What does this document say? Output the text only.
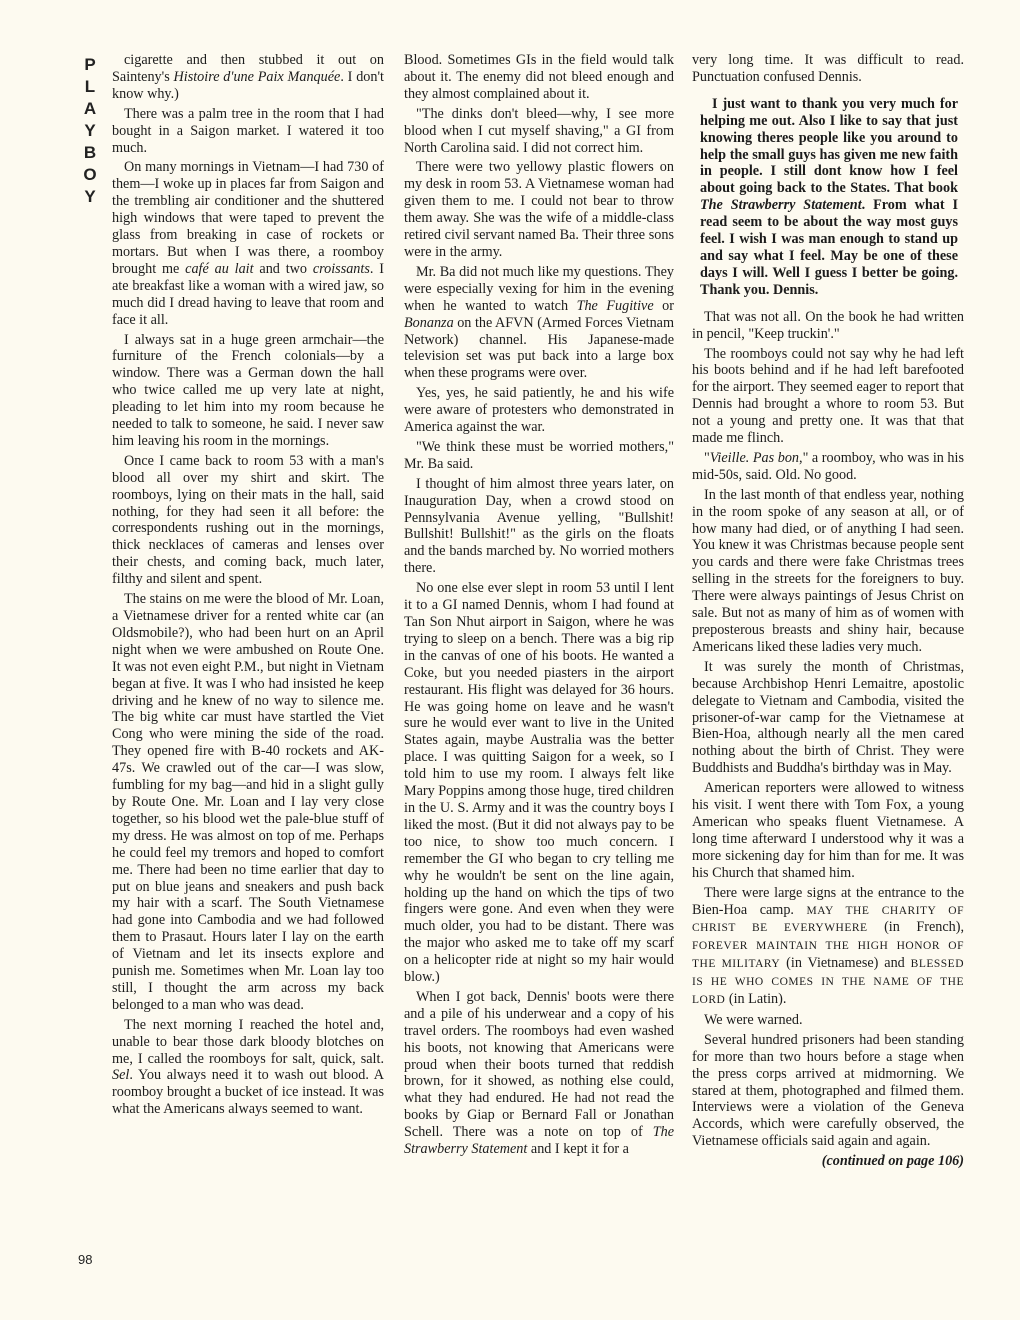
P
L
A
Y
B
O
Y
98

cigarette and then stubbed it out on Sainteny's Histoire d'une Paix Manquée. I don't know why.)

There was a palm tree in the room that I had bought in a Saigon market. I watered it too much.

On many mornings in Vietnam—I had 730 of them—I woke up in places far from Saigon and the trembling air conditioner and the shuttered high windows that were taped to prevent the glass from breaking in case of rockets or mortars. But when I was there, a roomboy brought me café au lait and two croissants. I ate breakfast like a woman with a wired jaw, so much did I dread having to leave that room and face it all.

I always sat in a huge green armchair—the furniture of the French colonials—by a window. There was a German down the hall who twice called me up very late at night, pleading to let him into my room because he needed to talk to someone, he said. I never saw him leaving his room in the mornings.

Once I came back to room 53 with a man's blood all over my shirt and skirt. The roomboys, lying on their mats in the hall, said nothing, for they had seen it all before: the correspondents rushing out in the mornings, thick necklaces of cameras and lenses over their chests, and coming back, much later, filthy and silent and spent.

The stains on me were the blood of Mr. Loan, a Vietnamese driver for a rented white car (an Oldsmobile?), who had been hurt on an April night when we were ambushed on Route One. It was not even eight P.M., but night in Vietnam began at five. It was I who had insisted he keep driving and he knew of no way to silence me. The big white car must have startled the Viet Cong who were mining the side of the road. They opened fire with B-40 rockets and AK-47s. We crawled out of the car—I was slow, fumbling for my bag—and hid in a slight gully by Route One. Mr. Loan and I lay very close together, so his blood wet the pale-blue stuff of my dress. He was almost on top of me. Perhaps he could feel my tremors and hoped to comfort me. There had been no time earlier that day to put on blue jeans and sneakers and push back my hair with a scarf. The South Vietnamese had gone into Cambodia and we had followed them to Prasaut. Hours later I lay on the earth of Vietnam and let its insects explore and punish me. Sometimes when Mr. Loan lay too still, I thought the arm across my back belonged to a man who was dead.

The next morning I reached the hotel and, unable to bear those dark bloody blotches on me, I called the roomboys for salt, quick, salt. Sel. You always need it to wash out blood. A roomboy brought a bucket of ice instead. It was what the Americans always seemed to want.

Blood. Sometimes GIs in the field would talk about it. The enemy did not bleed enough and they almost complained about it.

"The dinks don't bleed—why, I see more blood when I cut myself shaving," a GI from North Carolina said. I did not correct him.

There were two yellowy plastic flowers on my desk in room 53. A Vietnamese woman had given them to me. I could not bear to throw them away. She was the wife of a middle-class retired civil servant named Ba. Their three sons were in the army.

Mr. Ba did not much like my questions. They were especially vexing for him in the evening when he wanted to watch The Fugitive or Bonanza on the AFVN (Armed Forces Vietnam Network) channel. His Japanese-made television set was put back into a large box when these programs were over.

Yes, yes, he said patiently, he and his wife were aware of protesters who demonstrated in America against the war.

"We think these must be worried mothers," Mr. Ba said.

I thought of him almost three years later, on Inauguration Day, when a crowd stood on Pennsylvania Avenue yelling, "Bullshit! Bullshit! Bullshit!" as the girls on the floats and the bands marched by. No worried mothers there.

No one else ever slept in room 53 until I lent it to a GI named Dennis, whom I had found at Tan Son Nhut airport in Saigon, where he was trying to sleep on a bench. There was a big rip in the canvas of one of his boots. He wanted a Coke, but you needed piasters in the airport restaurant. His flight was delayed for 36 hours. He was going home on leave and he wasn't sure he would ever want to live in the United States again, maybe Australia was the better place. I was quitting Saigon for a week, so I told him to use my room. I always felt like Mary Poppins among those huge, tired children in the U. S. Army and it was the country boys I liked the most. (But it did not always pay to be too nice, to show too much concern. I remember the GI who began to cry telling me why he wouldn't be sent on the line again, holding up the hand on which the tips of two fingers were gone. And even when they were much older, you had to be distant. There was the major who asked me to take off my scarf on a helicopter ride at night so my hair would blow.)

When I got back, Dennis' boots were there and a pile of his underwear and a copy of his travel orders. The roomboys had even washed his boots, not knowing that Americans were proud when their boots turned that reddish brown, for it showed, as nothing else could, what they had endured. He had not read the books by Giap or Bernard Fall or Jonathan Schell. There was a note on top of The Strawberry Statement and I kept it for a

very long time. It was difficult to read. Punctuation confused Dennis.

I just want to thank you very much for helping me out. Also I like to say that just knowing theres people like you around to help the small guys has given me new faith in people. I still dont know how I feel about going back to the States. That book The Strawberry Statement. From what I read seem to be about the way most guys feel. I wish I was man enough to stand up and say what I feel. May be one of these days I will. Well I guess I better be going. Thank you. Dennis.

That was not all. On the book he had written in pencil, "Keep truckin'."

The roomboys could not say why he had left his boots behind and if he had left barefooted for the airport. They seemed eager to report that Dennis had brought a whore to room 53. But not a young and pretty one. It was that that made me flinch.

"Vieille. Pas bon," a roomboy, who was in his mid-50s, said. Old. No good.

In the last month of that endless year, nothing in the room spoke of any season at all, or of how many had died, or of anything I had seen. You knew it was Christmas because people sent you cards and there were fake Christmas trees selling in the streets for the foreigners to buy. There were always paintings of Jesus Christ on sale. But not as many of him as of women with preposterous breasts and shiny hair, because Americans liked these ladies very much.

It was surely the month of Christmas, because Archbishop Henri Lemaitre, apostolic delegate to Vietnam and Cambodia, visited the prisoner-of-war camp for the Vietnamese at Bien-Hoa, although nearly all the men cared nothing about the birth of Christ. They were Buddhists and Buddha's birthday was in May.

American reporters were allowed to witness his visit. I went there with Tom Fox, a young American who speaks fluent Vietnamese. A long time afterward I understood why it was a more sickening day for him than for me. It was his Church that shamed him.

There were large signs at the entrance to the Bien-Hoa camp. MAY THE CHARITY OF CHRIST BE EVERYWHERE (in French), FOREVER MAINTAIN THE HIGH HONOR OF THE MILITARY (in Vietnamese) and BLESSED IS HE WHO COMES IN THE NAME OF THE LORD (in Latin).

We were warned.

Several hundred prisoners had been standing for more than two hours before a stage when the press corps arrived at midmorning. We stared at them, photographed and filmed them. Interviews were a violation of the Geneva Accords, which were carefully observed, the Vietnamese officials said again and again.

(continued on page 106)
